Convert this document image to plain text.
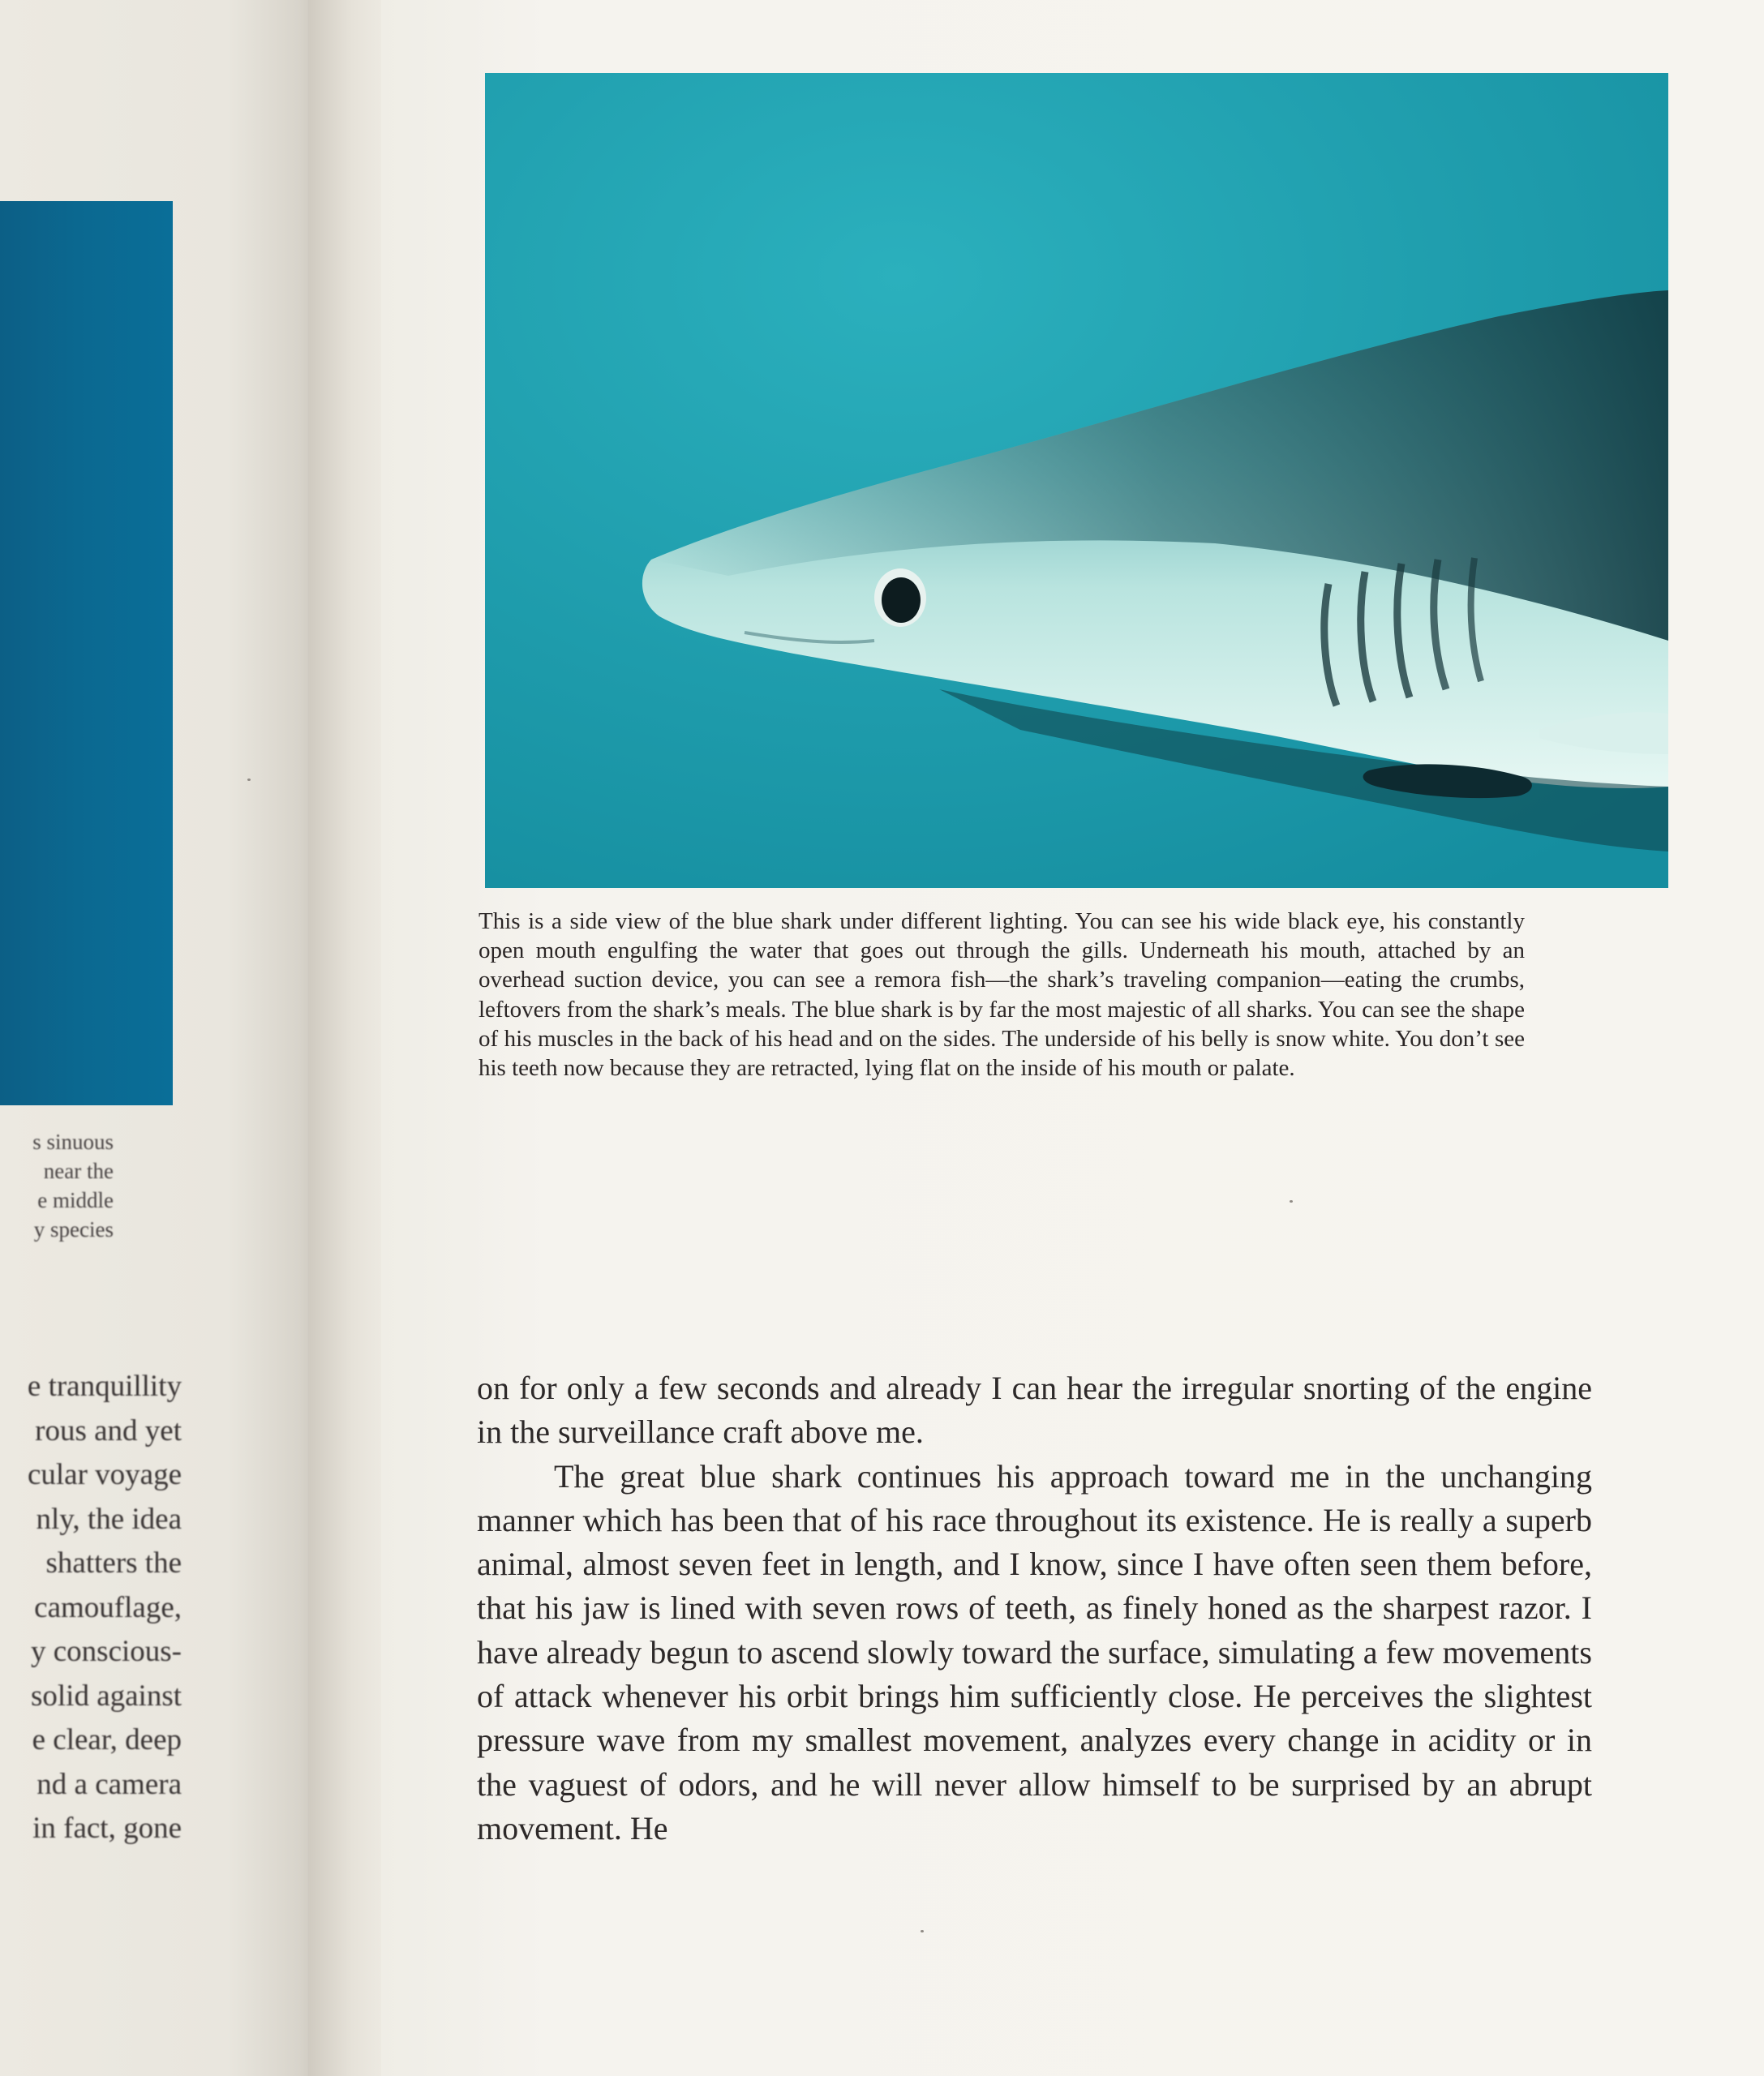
s sinuous
near the
e middle
y species
e tranquillity
rous and yet
cular voyage
nly, the idea
shatters the
camouflage,
y conscious-
solid against
e clear, deep
nd a camera
in fact, gone

This is a side view of the blue shark under different lighting. You can see his wide black eye, his constantly open mouth engulfing the water that goes out through the gills. Underneath his mouth, attached by an overhead suction device, you can see a remora fish—the shark’s traveling companion—eating the crumbs, leftovers from the shark’s meals. The blue shark is by far the most majestic of all sharks. You can see the shape of his muscles in the back of his head and on the sides. The underside of his belly is snow white. You don’t see his teeth now because they are retracted, lying flat on the inside of his mouth or palate.

on for only a few seconds and already I can hear the irregular snorting of the engine in the surveillance craft above me.

The great blue shark continues his approach toward me in the unchanging manner which has been that of his race throughout its existence. He is really a superb animal, almost seven feet in length, and I know, since I have often seen them before, that his jaw is lined with seven rows of teeth, as finely honed as the sharpest razor. I have already begun to ascend slowly toward the surface, simulating a few movements of attack whenever his orbit brings him sufficiently close. He perceives the slightest pressure wave from my smallest movement, analyzes every change in acidity or in the vaguest of odors, and he will never allow himself to be surprised by an abrupt movement. He
